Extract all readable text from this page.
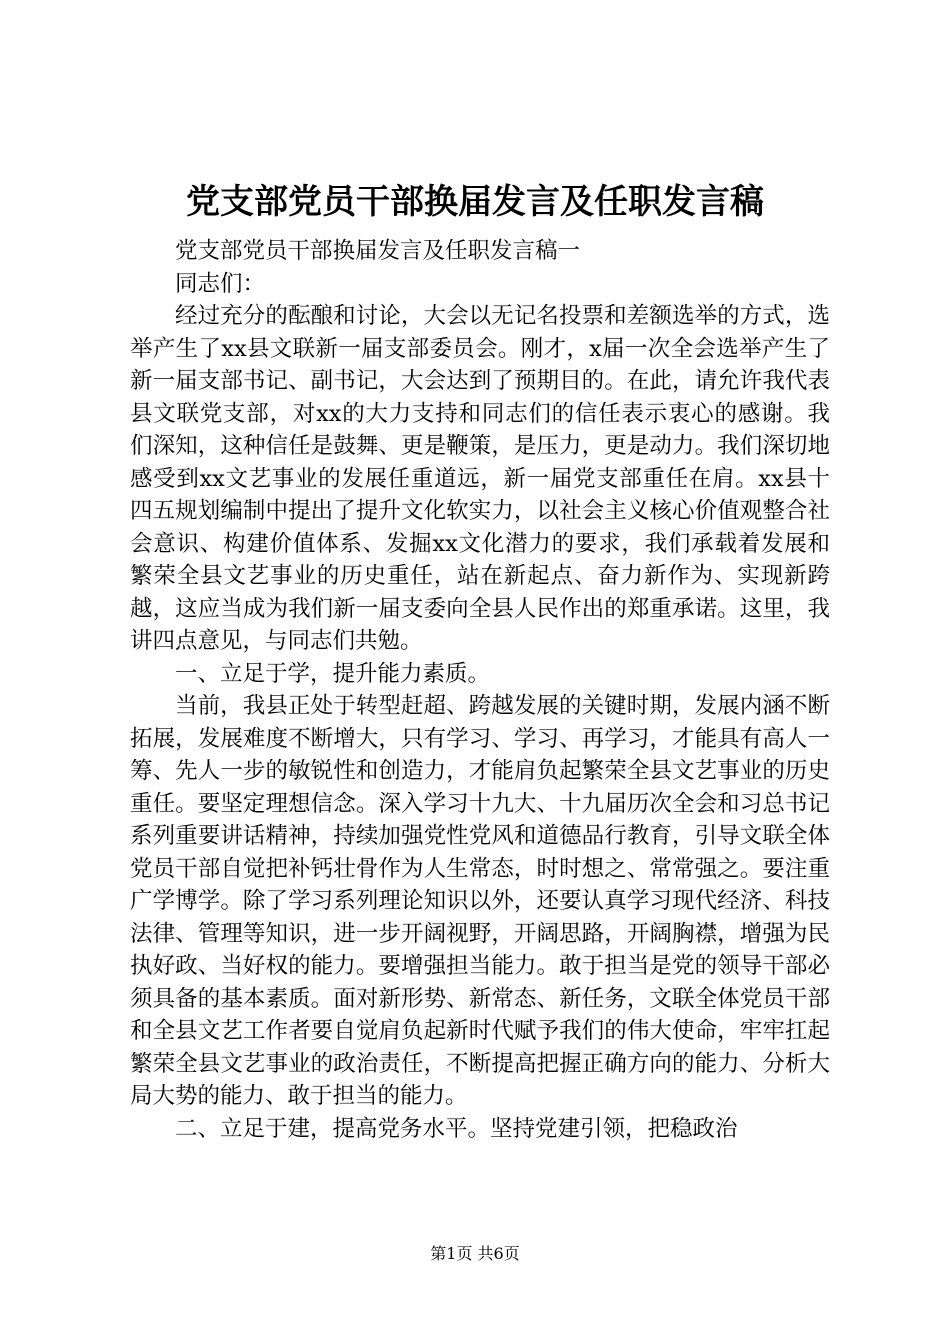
党支部党员干部换届发言及任职发言稿

党支部党员干部换届发言及任职发言稿一

同志们：

经过充分的酝酿和讨论，大会以无记名投票和差额选举的方式，选举产生了xx县文联新一届支部委员会。刚才，x届一次全会选举产生了新一届支部书记、副书记，大会达到了预期目的。在此，请允许我代表县文联党支部，对xx的大力支持和同志们的信任表示衷心的感谢。我们深知，这种信任是鼓舞、更是鞭策，是压力，更是动力。我们深切地感受到xx文艺事业的发展任重道远，新一届党支部重任在肩。xx县十四五规划编制中提出了提升文化软实力，以社会主义核心价值观整合社会意识、构建价值体系、发掘xx文化潜力的要求，我们承载着发展和繁荣全县文艺事业的历史重任，站在新起点、奋力新作为、实现新跨越，这应当成为我们新一届支委向全县人民作出的郑重承诺。这里，我讲四点意见，与同志们共勉。

一、立足于学，提升能力素质。

当前，我县正处于转型赶超、跨越发展的关键时期，发展内涵不断拓展，发展难度不断增大，只有学习、学习、再学习，才能具有高人一筹、先人一步的敏锐性和创造力，才能肩负起繁荣全县文艺事业的历史重任。要坚定理想信念。深入学习十九大、十九届历次全会和习总书记系列重要讲话精神，持续加强党性党风和道德品行教育，引导文联全体党员干部自觉把补钙壮骨作为人生常态，时时想之、常常强之。要注重广学博学。除了学习系列理论知识以外，还要认真学习现代经济、科技法律、管理等知识，进一步开阔视野，开阔思路，开阔胸襟，增强为民执好政、当好权的能力。要增强担当能力。敢于担当是党的领导干部必须具备的基本素质。面对新形势、新常态、新任务，文联全体党员干部和全县文艺工作者要自觉肩负起新时代赋予我们的伟大使命，牢牢扛起繁荣全县文艺事业的政治责任，不断提高把握正确方向的能力、分析大局大势的能力、敢于担当的能力。

二、立足于建，提高党务水平。坚持党建引领，把稳政治

第1页 共6页
